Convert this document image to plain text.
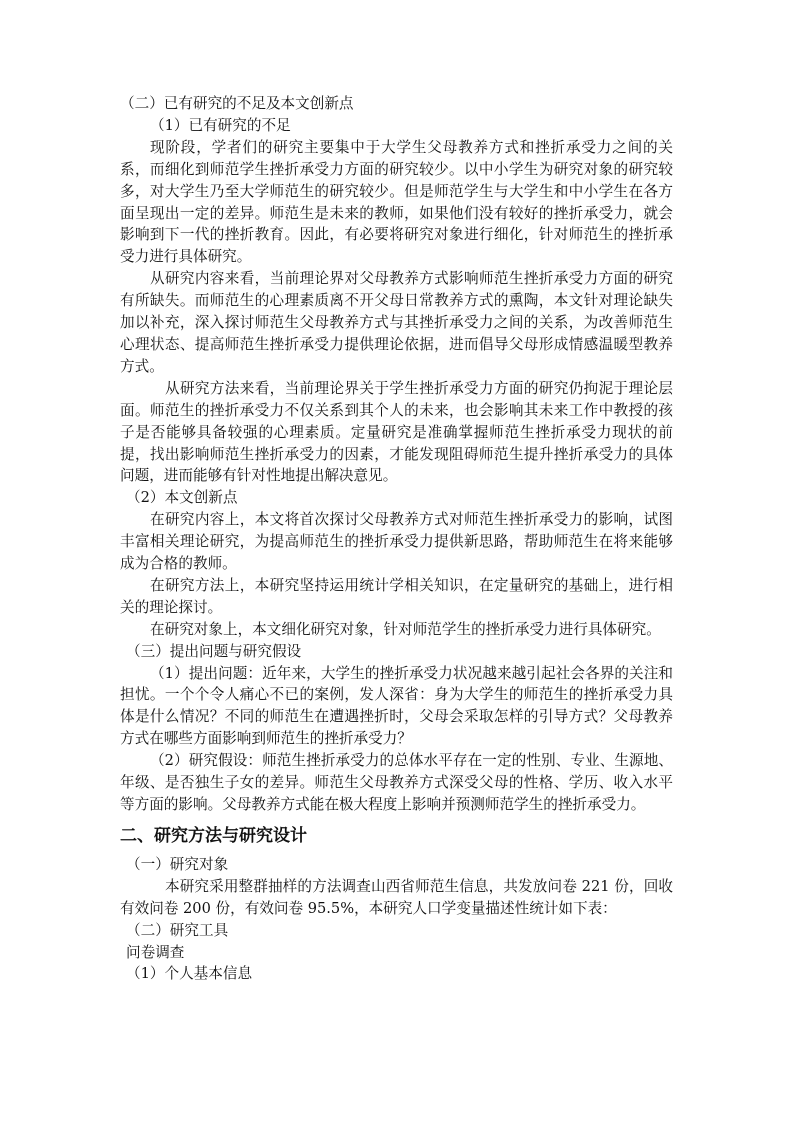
（二）已有研究的不足及本文创新点

（1）已有研究的不足

现阶段，学者们的研究主要集中于大学生父母教养方式和挫折承受力之间的关系，而细化到师范学生挫折承受力方面的研究较少。以中小学生为研究对象的研究较多，对大学生乃至大学师范生的研究较少。但是师范学生与大学生和中小学生在各方面呈现出一定的差异。师范生是未来的教师，如果他们没有较好的挫折承受力，就会影响到下一代的挫折教育。因此，有必要将研究对象进行细化，针对师范生的挫折承受力进行具体研究。

从研究内容来看，当前理论界对父母教养方式影响师范生挫折承受力方面的研究有所缺失。而师范生的心理素质离不开父母日常教养方式的熏陶，本文针对理论缺失加以补充，深入探讨师范生父母教养方式与其挫折承受力之间的关系，为改善师范生心理状态、提高师范生挫折承受力提供理论依据，进而倡导父母形成情感温暖型教养方式。

从研究方法来看，当前理论界关于学生挫折承受力方面的研究仍拘泥于理论层面。师范生的挫折承受力不仅关系到其个人的未来，也会影响其未来工作中教授的孩子是否能够具备较强的心理素质。定量研究是准确掌握师范生挫折承受力现状的前提，找出影响师范生挫折承受力的因素，才能发现阻碍师范生提升挫折承受力的具体问题，进而能够有针对性地提出解决意见。

（2）本文创新点

在研究内容上，本文将首次探讨父母教养方式对师范生挫折承受力的影响，试图丰富相关理论研究，为提高师范生的挫折承受力提供新思路，帮助师范生在将来能够成为合格的教师。

在研究方法上，本研究坚持运用统计学相关知识，在定量研究的基础上，进行相关的理论探讨。

在研究对象上，本文细化研究对象，针对师范学生的挫折承受力进行具体研究。

（三）提出问题与研究假设

（1）提出问题：近年来，大学生的挫折承受力状况越来越引起社会各界的关注和担忧。一个个令人痛心不已的案例，发人深省：身为大学生的师范生的挫折承受力具体是什么情况？不同的师范生在遭遇挫折时，父母会采取怎样的引导方式？父母教养方式在哪些方面影响到师范生的挫折承受力？

（2）研究假设：师范生挫折承受力的总体水平存在一定的性别、专业、生源地、年级、是否独生子女的差异。师范生父母教养方式深受父母的性格、学历、收入水平等方面的影响。父母教养方式能在极大程度上影响并预测师范学生的挫折承受力。

二、研究方法与研究设计

（一）研究对象

本研究采用整群抽样的方法调查山西省师范生信息，共发放问卷 221 份，回收有效问卷 200 份，有效问卷 95.5%，本研究人口学变量描述性统计如下表：

（二）研究工具

问卷调查

（1）个人基本信息
